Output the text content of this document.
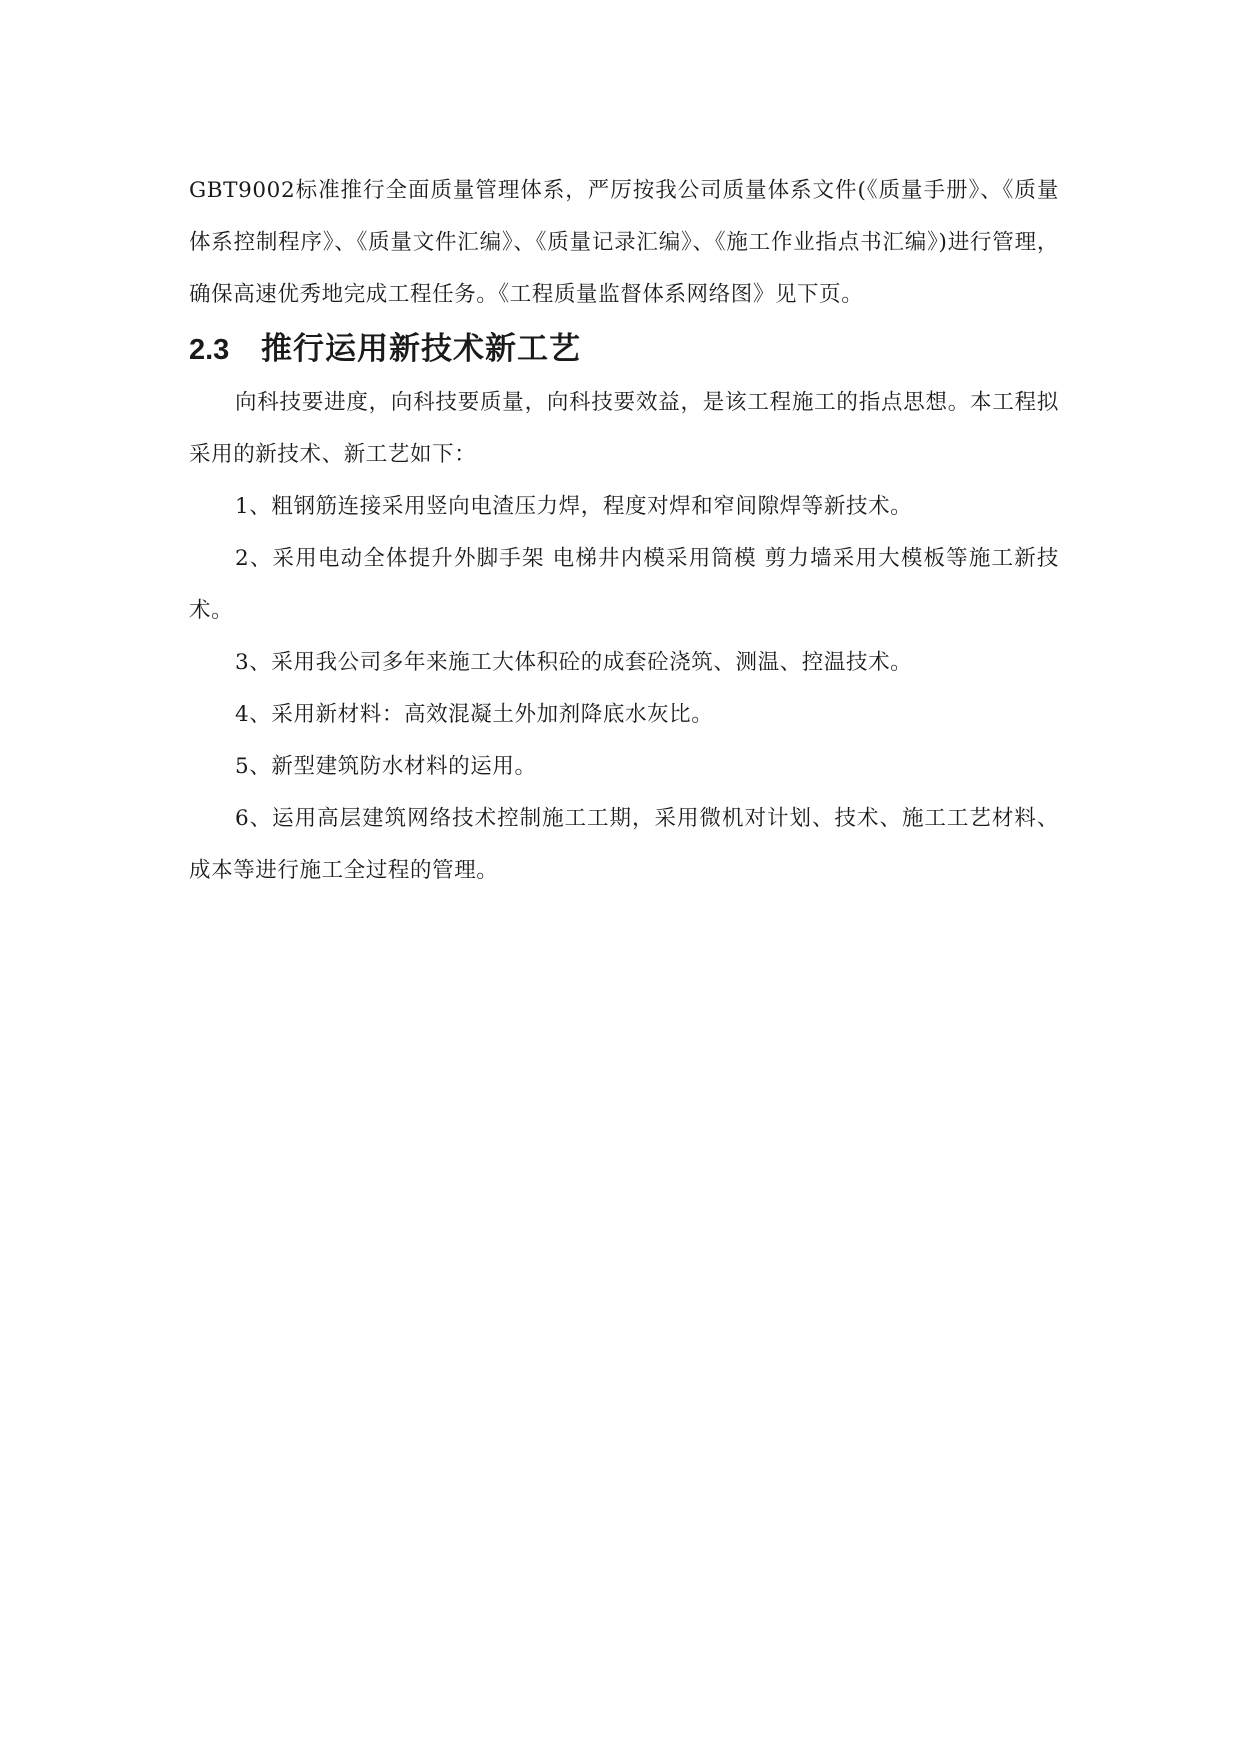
GBT9002标准推行全面质量管理体系，严厉按我公司质量体系文件(《质量手册》、《质量体系控制程序》、《质量文件汇编》、《质量记录汇编》、《施工作业指点书汇编》)进行管理，确保高速优秀地完成工程任务。《工程质量监督体系网络图》见下页。

2.3 推行运用新技术新工艺

向科技要进度，向科技要质量，向科技要效益，是该工程施工的指点思想。本工程拟采用的新技术、新工艺如下：

1、粗钢筋连接采用竖向电渣压力焊，程度对焊和窄间隙焊等新技术。

2、采用电动全体提升外脚手架 电梯井内模采用筒模 剪力墙采用大模板等施工新技术。

3、采用我公司多年来施工大体积砼的成套砼浇筑、测温、控温技术。

4、采用新材料：高效混凝土外加剂降底水灰比。

5、新型建筑防水材料的运用。

6、运用高层建筑网络技术控制施工工期，采用微机对计划、技术、施工工艺材料、成本等进行施工全过程的管理。
